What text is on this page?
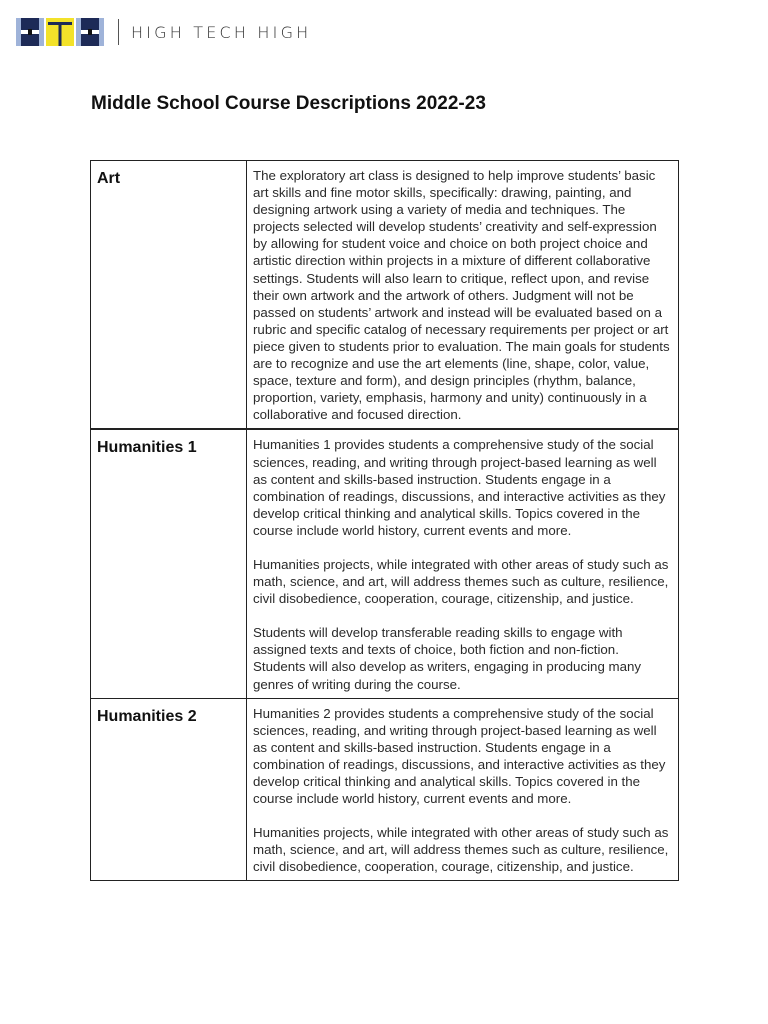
HIGH TECH HIGH
Middle School Course Descriptions 2022-23
Art	The exploratory art class is designed to help improve students’ basic art skills and fine motor skills, specifically: drawing, painting, and designing artwork using a variety of media and techniques. The projects selected will develop students’ creativity and self-expression by allowing for student voice and choice on both project choice and artistic direction within projects in a mixture of different collaborative settings. Students will also learn to critique, reflect upon, and revise their own artwork and the artwork of others. Judgment will not be passed on students’ artwork and instead will be evaluated based on a rubric and specific catalog of necessary requirements per project or art piece given to students prior to evaluation. The main goals for students are to recognize and use the art elements (line, shape, color, value, space, texture and form), and design principles (rhythm, balance, proportion, variety, emphasis, harmony and unity) continuously in a collaborative and focused direction.

Humanities 1	Humanities 1 provides students a comprehensive study of the social sciences, reading, and writing through project-based learning as well as content and skills-based instruction. Students engage in a combination of readings, discussions, and interactive activities as they develop critical thinking and analytical skills. Topics covered in the course include world history, current events and more.

Humanities projects, while integrated with other areas of study such as math, science, and art, will address themes such as culture, resilience, civil disobedience, cooperation, courage, citizenship, and justice.

Students will develop transferable reading skills to engage with assigned texts and texts of choice, both fiction and non-fiction. Students will also develop as writers, engaging in producing many genres of writing during the course.

Humanities 2	Humanities 2 provides students a comprehensive study of the social sciences, reading, and writing through project-based learning as well as content and skills-based instruction. Students engage in a combination of readings, discussions, and interactive activities as they develop critical thinking and analytical skills. Topics covered in the course include world history, current events and more.

Humanities projects, while integrated with other areas of study such as math, science, and art, will address themes such as culture, resilience, civil disobedience, cooperation, courage, citizenship, and justice.
